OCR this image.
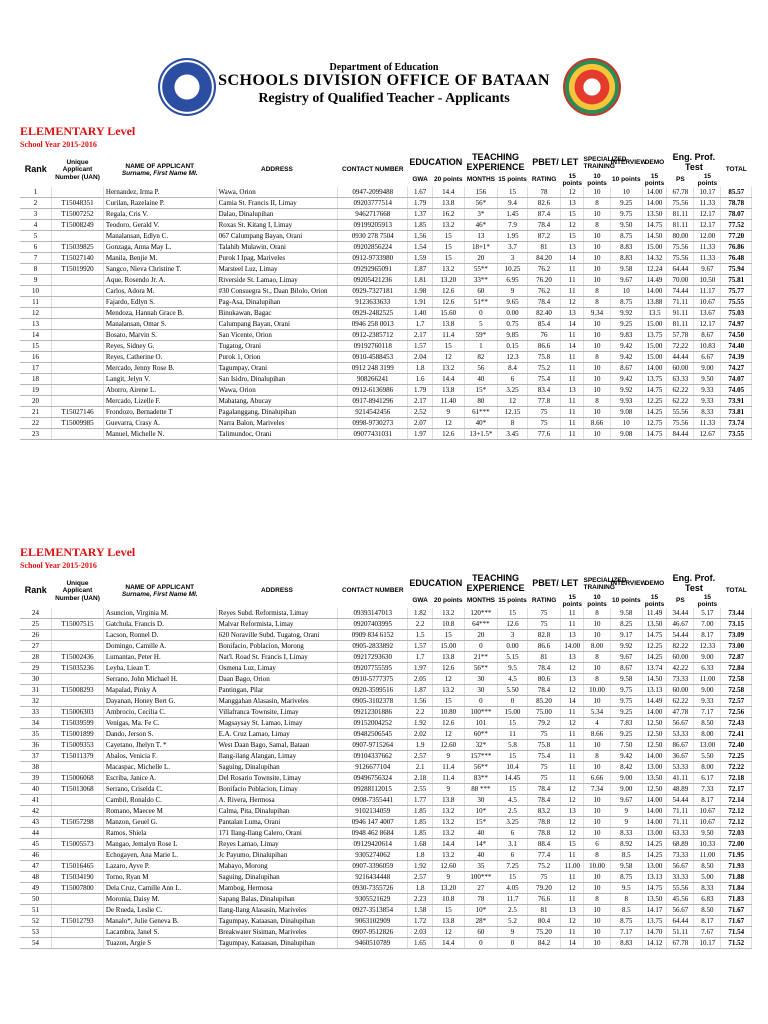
Department of Education
SCHOOLS DIVISION OFFICE OF BATAAN
Registry of Qualified Teacher - Applicants
ELEMENTARY Level
School Year 2015-2016
Rank	Unique Applicant Number (UAN)	NAME OF APPLICANT
Surname, First Name MI.	ADDRESS	CONTACT NUMBER	EDUCATION		TEACHING EXPERIENCE		PBET/ LET		SPECIALIZED TRAINING	INTERVIEW	DEMO	Eng. Prof. Test		TOTAL
					GWA	20 points	MONTHS	15 points	RATING	15 points	10 points	10 points	15 points	PS	15 points	
1		Hernandez, Irma P.	Wawa, Orion	0947-2099488	1.67	14.4	156	15	78	12	10	10	14.00	67.78	10.17	85.57
2	T15048351	Curilan, Razelaine P.	Camia St. Francis II, Limay	09203777514	1.79	13.8	56*	9.4	82.6	13	8	9.25	14.00	75.56	11.33	78.78
3	T15007252	Regala, Cris V.	Dalao, Dinalupihan	9462717668	1.37	16.2	3*	1.45	87.4	15	10	9.75	13.50	81.11	12.17	78.07
4	T15008249	Teodoro, Gerald V.	Roxas St. Kitang I, Limay	09199205913	1.85	13.2	46*	7.9	78.4	12	8	9.50	14.75	81.11	12.17	77.52
5		Manalansan, Edlyn C.	067 Calumpang Bayan, Orani	0930 278 7504	1.56	15	13	1.95	87.2	15	10	8.75	14.50	80.00	12.00	77.20
6	T15039825	Gonzaga, Anna May L.	Talahib Mulawin, Orani	09202856224	1.54	15	18+1*	3.7	81	13	10	8.83	15.00	75.56	11.33	76.86
7	T15027140	Manila, Benjie M.	Purok I Ipag, Mariveles	0912-9733980	1.59	15	20	3	84.20	14	10	8.83	14.32	75.56	11.33	76.48
8	T15019920	Sangco, Nieva Christine T.	Marsteel Luz, Limay	09292965091	1.87	13.2	55**	10.25	76.2	11	10	9.58	12.24	64.44	9.67	75.94
9		Aque, Rosendo Jr. A.	Riverside St. Lamao, Limay	09205421236	1.81	13.20	33**	6.95	76.20	11	10	9.67	14.49	70.00	10.50	75.81
10		Carlos, Adora M.	#30 Consuegra St., Daan Bilolo, Orion	0929-7327181	1.98	12.6	60	9	76.2	11	8	10	14.00	74.44	11.17	75.77
11		Fajardo, Edlyn S.	Pag-Asa, Dinalupihan	9123633633	1.91	12.6	51**	9.65	78.4	12	8	8.75	13.88	71.11	10.67	75.55
12		Mendoza, Hannah Grace B.	Binukawan, Bagac	0929-2482525	1.40	15.60	0	0.00	82.40	13	9.34	9.92	13.5	91.11	13.67	75.03
13		Manalansan, Omar S.	Calumpang Bayan, Orani	0946 258 0013	1.7	13.8	5	0.75	85.4	14	10	9.25	15.00	81.11	12.17	74.97
14		Bosato, Marvin S.	San Vicente, Orion	0912-2385712	2.17	11.4	59*	9.85	76	11	10	9.83	13.75	57.78	8.67	74.50
15		Reyes, Sidney G.	Tugatog, Orani	09192760118	1.57	15	1	0.15	86.6	14	10	9.42	15.00	72.22	10.83	74.40
16		Reyes, Catherine O.	Purok 1, Orion	0910-4588453	2.04	12	82	12.3	75.8	11	8	9.42	15.00	44.44	6.67	74.39
17		Mercado, Jenny Rose B.	Tagumpay, Orani	0912 248 3199	1.8	13.2	56	8.4	75.2	11	10	8.67	14.00	60.00	9.00	74.27
18		Langit, Jelyn V.	San Isidro, Dinalupihan	908266241	1.6	14.4	40	6	75.4	11	10	9.42	13.75	63.33	9.50	74.07
19		Aborro, Airene L.	Wawa, Orion	0912-6136986	1.79	13.8	15*	3.25	83.4	13	10	9.92	14.75	62.22	9.33	74.05
20		Mercado, Lizelle F.	Mabatang, Abucay	0917-8941296	2.17	11.40	80	12	77.8	11	8	9.93	12.25	62.22	9.33	73.91
21	T15027146	Frondozo, Bernadette T	Pagalanggang, Dinalupihan	9214542456	2.52	9	61***	12.15	75	11	10	9.08	14.25	55.56	8.33	73.81
22	T15009985	Guevarra, Crasy A.	Narra Balon, Mariveles	0998-9730273	2.07	12	40*	8	75	11	8.66	10	12.75	75.56	11.33	73.74
23		Manuel, Michelle N.	Talimundoc, Orani	09077431031	1.97	12.6	13+1.5*	3.45	77.6	11	10	9.08	14.75	84.44	12.67	73.55
ELEMENTARY Level
School Year 2015-2016
Rank	Unique Applicant Number (UAN)	NAME OF APPLICANT
Surname, First Name MI.	ADDRESS	CONTACT NUMBER	EDUCATION		TEACHING EXPERIENCE		PBET/ LET		SPECIALIZED TRAINING	INTERVIEW	DEMO	Eng. Prof. Test		TOTAL
					GWA	20 points	MONTHS	15 points	RATING	15 points	10 points	10 points	15 points	PS	15 points	
24		Asuncion, Virginia M.	Reyes Subd. Reformista, Limay	09393147013	1.82	13.2	120***	15	75	11	8	9.58	11.49	34.44	5.17	73.44
25	T15007515	Gatchula, Francis D.	Malvar Reformista, Limay	09207403995	2.2	10.8	64***	12.6	75	11	10	8.25	13.50	46.67	7.00	73.15
26		Lacson, Ronnel D.	620 Noraville Subd. Tugatog, Orani	0909 834 6152	1.5	15	20	3	82.8	13	10	9.17	14.75	54.44	8.17	73.09
27		Domingo, Camille A.	Bonifacio, Poblacion, Morong	0905-2833892	1.57	15.00	0	0.00	86.6	14.00	8.00	9.92	12.25	82.22	12.33	73.00
28	T15002436	Lumantao, Peter H.	Nat'l. Road St. Francis I, Limay	09217293630	1.7	13.8	21**	5.15	81	13	8	9.67	14.25	60.00	9.00	72.87
29	T15035236	Leyba, Liean T.	Osmena Luz, Limay	09207755595	1.97	12.6	56**	9.5	78.4	12	10	8.67	13.74	42.22	6.33	72.84
30		Serrano, John Michael H.	Daan Bago, Orion	0910-5777375	2.05	12	30	4.5	80.6	13	8	9.58	14.50	73.33	11.00	72.58
31	T15008293	Mapalad, Pinky A	Pantingan, Pilar	0920-3599516	1.87	13.2	30	5.50	78.4	12	10.00	9.75	13.13	60.00	9.00	72.58
32		Dayanan, Honey Bert G.	Manggahan Alasasin, Mariveles	0905-3102378	1.56	15	0	0	85.20	14	10	9.75	14.49	62.22	9.33	72.57
33	T15006303	Ambrocio, Cecilia C.	Villafranca Townsite, Limay	09212301886	2.2	10.80	100***	15.00	75.00	11	5.34	9.25	14.00	47.78	7.17	72.56
34	T15039599	Venigas, Ma. Fe C.	Magsaysay St. Lamao, Limay	09152004252	1.92	12.6	101	15	79.2	12	4	7.83	12.50	56.67	8.50	72.43
35	T15001899	Dando, Jerson S.	E.A. Cruz Lamao, Limay	09482506545	2.02	12	60**	11	75	11	8.66	9.25	12.50	53.33	8.00	72.41
36	T15009353	Cayetano, Jhelyn T. *	West Daan Bago, Samal, Bataan	0907-9715264	1.9	12.60	32*	5.8	75.8	11	10	7.50	12.50	86.67	13.00	72.40
37	T15011379	Abalos, Venicia F.	Ilang-ilang Alangan, Limay	09104337662	2.57	9	157***	15	75.4	11	8	9.42	14.00	36.67	5.50	72.25
38		Macaspac, Michelle L.	Saguing, Dinalupihan	9126677104	2.1	11.4	56**	10.4	75	11	10	8.42	13.00	53.33	8.00	72.22
39	T15006068	Escriba, Janice A.	Del Rosario Townsite, Limay	09496756324	2.18	11.4	83**	14.45	75	11	6.66	9.00	13.50	41.11	6.17	72.18
40	T15013068	Serrano, Criselda C.	Bonifacio Poblacion, Limay	09288112015	2.55	9	88 ***	15	78.4	12	7.34	9.00	12.50	48.89	7.33	72.17
41		Cambil, Ronaldo C.	A. Rivera, Hermosa	0908-7355441	1.77	13.8	30	4.5	78.4	12	10	9.67	14.00	54.44	8.17	72.14
42		Romano, Maecee M	Calma, Pita, Dinalupihan	9102134059	1.85	13.2	10*	2.5	83.2	13	10	9	14.00	71.11	10.67	72.12
43	T15057298	Manzon, Geuel G.	Pantalan Luma, Orani	0946 147 4007	1.85	13.2	15*	3.25	78.8	12	10	9	14.00	71.11	10.67	72.12
44		Ramos, Shiela	171 Ilang-Ilang Calero, Orani	0948 462 8684	1.85	13.2	40	6	78.8	12	10	8.33	13.00	63.33	9.50	72.03
45	T15005573	Mangao, Jemalyn Rose L	Reyes Lamao, Limay	09129420614	1.68	14.4	14*	3.1	88.4	15	6	8.92	14.25	68.89	10.33	72.00
46		Echogayen, Ana Marie L.	Jc Payumo, Dinalupihan	9305274062	1.8	13.2	40	6	77.4	11	8	8.5	14.25	73.33	11.00	71.95
47	T15016465	Lazaro, Ayve P.	Mabayo, Morong	0907-3396059	1.92	12.60	35	7.25	75.2	11.00	10.00	9.58	13.00	56.67	8.50	71.93
48	T15034190	Torno, Ryan M	Saguing, Dinalupihan	9216434448	2.57	9	100***	15	75	11	10	8.75	13.13	33.33	5.00	71.88
49	T15007800	Dela Cruz, Camille Ann L.	Mambog, Hermosa	0930-7355726	1.8	13.20	27	4.05	79.20	12	10	9.5	14.75	55.56	8.33	71.84
50		Moronia, Daisy M.	Sapang Balas, Dinalupihan	9305521629	2.23	10.8	78	11.7	76.6	11	8	8	13.50	45.56	6.83	71.83
51		De Rueda, Leslie C.	Ilang-Ilang Alasasin, Mariveles	0927-3513854	1.58	15	10*	2.5	81	13	10	8.5	14.17	56.67	8.50	71.67
52	T15012793	Manalo*, Julie Geneva B.	Tagumpay, Kataasan, Dinalupihan	9063102909	1.72	13.8	28*	5.2	80.4	12	10	8.75	13.75	64.44	8.17	71.67
53		Lacambra, Janel S.	Breakwater Sisiman, Mariveles	0907-9512826	2.03	12	60	9	75.20	11	10	7.17	14.70	51.11	7.67	71.54
54		Tuazon, Argie S	Tagumpay, Kataasan, Dinalupihan	9460510789	1.65	14.4	0	0	84.2	14	10	8.83	14.12	67.78	10.17	71.52
